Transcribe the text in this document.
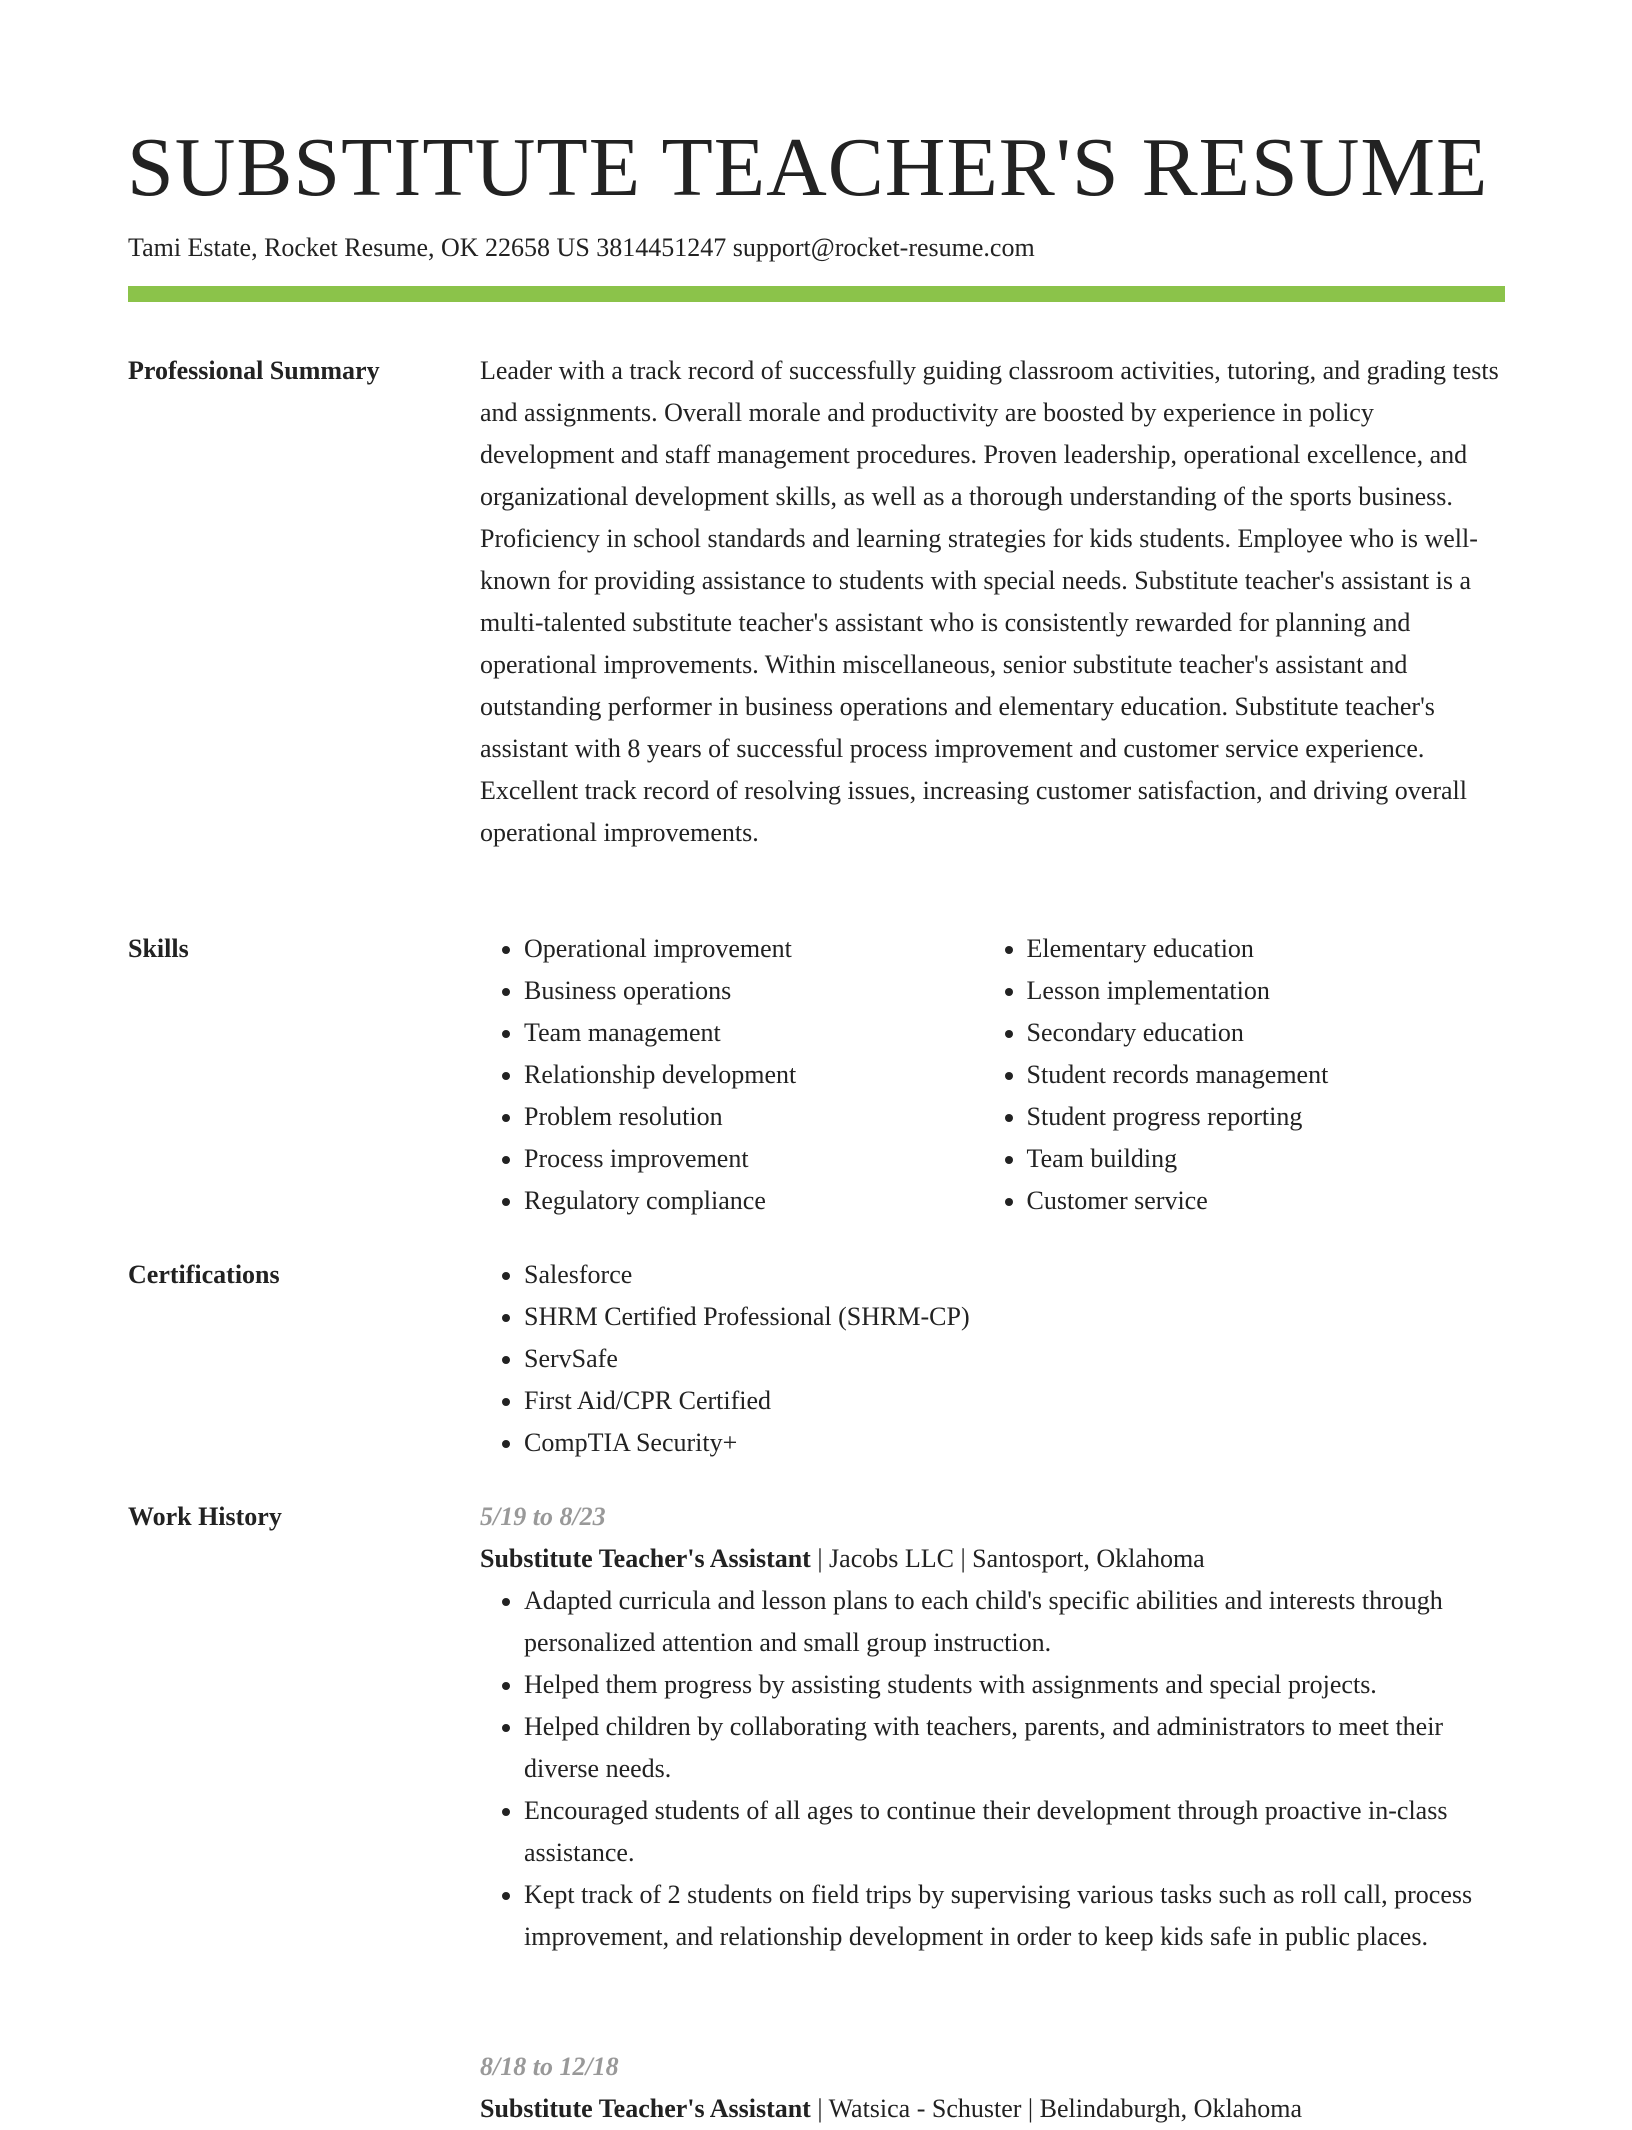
SUBSTITUTE TEACHER'S RESUME
Tami Estate, Rocket Resume, OK 22658 US 3814451247 support@rocket-resume.com
Professional Summary	Leader with a track record of successfully guiding classroom activities, tutoring, and grading tests and assignments. Overall morale and productivity are boosted by experience in policy development and staff management procedures. Proven leadership, operational excellence, and organizational development skills, as well as a thorough understanding of the sports business. Proficiency in school standards and learning strategies for kids students. Employee who is well-known for providing assistance to students with special needs. Substitute teacher's assistant is a multi-talented substitute teacher's assistant who is consistently rewarded for planning and operational improvements. Within miscellaneous, senior substitute teacher's assistant and outstanding performer in business operations and elementary education. Substitute teacher's assistant with 8 years of successful process improvement and customer service experience. Excellent track record of resolving issues, increasing customer satisfaction, and driving overall operational improvements.

Skills	• Operational improvement
• Business operations
• Team management
• Relationship development
• Problem resolution
• Process improvement
• Regulatory compliance
• Elementary education
• Lesson implementation
• Secondary education
• Student records management
• Student progress reporting
• Team building
• Customer service
Certifications	• Salesforce
• SHRM Certified Professional (SHRM-CP)
• ServSafe
• First Aid/CPR Certified
• CompTIA Security+
Work History	5/19 to 8/23
Substitute Teacher's Assistant | Jacobs LLC | Santosport, Oklahoma
• Adapted curricula and lesson plans to each child's specific abilities and interests through personalized attention and small group instruction.
• Helped them progress by assisting students with assignments and special projects.
• Helped children by collaborating with teachers, parents, and administrators to meet their diverse needs.
• Encouraged students of all ages to continue their development through proactive in-class assistance.
• Kept track of 2 students on field trips by supervising various tasks such as roll call, process improvement, and relationship development in order to keep kids safe in public places.
8/18 to 12/18
Substitute Teacher's Assistant | Watsica - Schuster | Belindaburgh, Oklahoma
